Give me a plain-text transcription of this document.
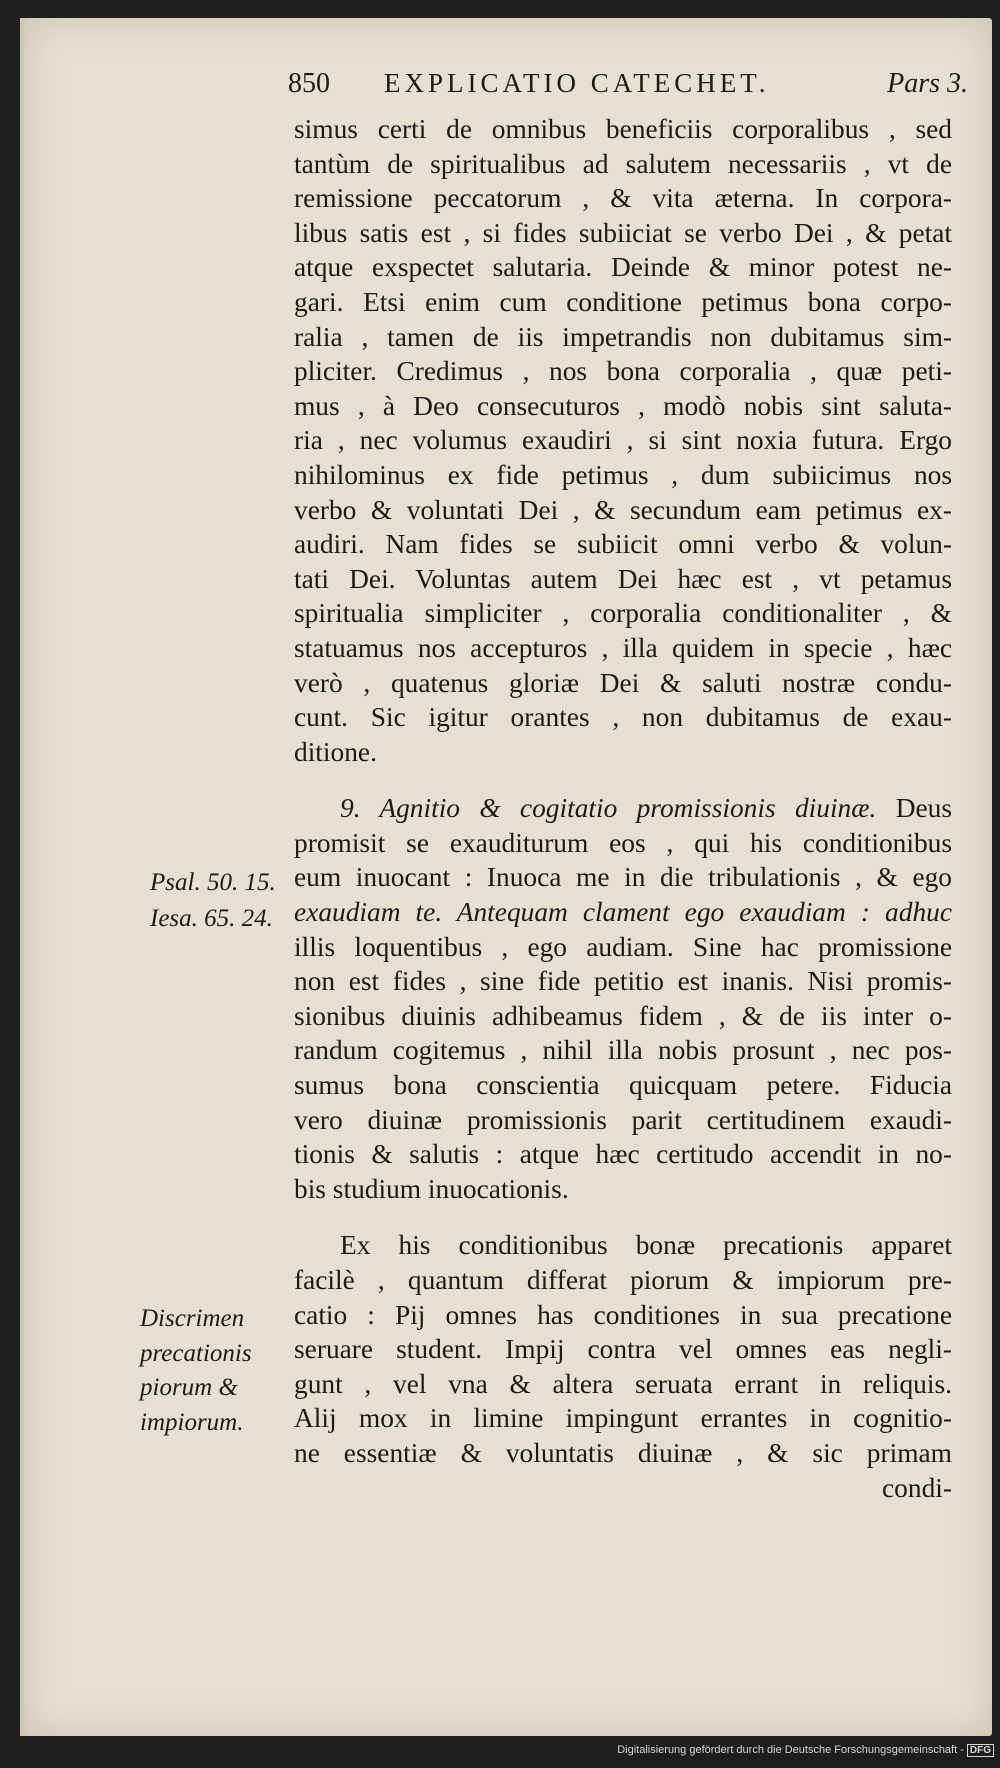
850 EXPLICATIO CATECHET.	Pars 3.
simus certi de omnibus beneficiis corporalibus , sed
tantùm de spiritualibus ad salutem necessariis , vt de
remissione peccatorum , & vita æterna. In corpora-
libus satis est , si fides subiiciat se verbo Dei , & petat
atque exspectet salutaria. Deinde & minor potest ne-
gari. Etsi enim cum conditione petimus bona corpo-
ralia , tamen de iis impetrandis non dubitamus sim-
pliciter. Credimus , nos bona corporalia , quæ peti-
mus , à Deo consecuturos , modò nobis sint saluta-
ria , nec volumus exaudiri , si sint noxia futura. Ergo
nihilominus ex fide petimus , dum subiicimus nos
verbo & voluntati Dei , & secundum eam petimus ex-
audiri. Nam fides se subiicit omni verbo & volun-
tati Dei. Voluntas autem Dei hæc est , vt petamus
spiritualia simpliciter , corporalia conditionaliter , &
statuamus nos accepturos , illa quidem in specie , hæc
verò , quatenus gloriæ Dei & saluti nostræ condu-
cunt. Sic igitur orantes , non dubitamus de exau-
ditione.
9. Agnitio & cogitatio promissionis diuinæ. Deus
promisit se exauditurum eos , qui his conditionibus
eum inuocant : Inuoca me in die tribulationis , & ego
exaudiam te. Antequam clament ego exaudiam : adhuc
illis loquentibus , ego audiam. Sine hac promissione
non est fides , sine fide petitio est inanis. Nisi promis-
sionibus diuinis adhibeamus fidem , & de iis inter o-
randum cogitemus , nihil illa nobis prosunt , nec pos-
sumus bona conscientia quicquam petere. Fiducia
vero diuinæ promissionis parit certitudinem exaudi-
tionis & salutis : atque hæc certitudo accendit in no-
bis studium inuocationis.
Ex his conditionibus bonæ precationis apparet
facilè , quantum differat piorum & impiorum pre-
catio : Pij omnes has conditiones in sua precatione
seruare student. Impij contra vel omnes eas negli-
gunt , vel vna & altera seruata errant in reliquis.
Alij mox in limine impingunt errantes in cognitio-
ne essentiæ & voluntatis diuinæ , & sic primam
condi-
Psal. 50. 15.
Iesa. 65. 24.
Discrimen
precationis
piorum &
impiorum.
Digitalisierung gefördert durch die Deutsche Forschungsgemeinschaft - DFG
